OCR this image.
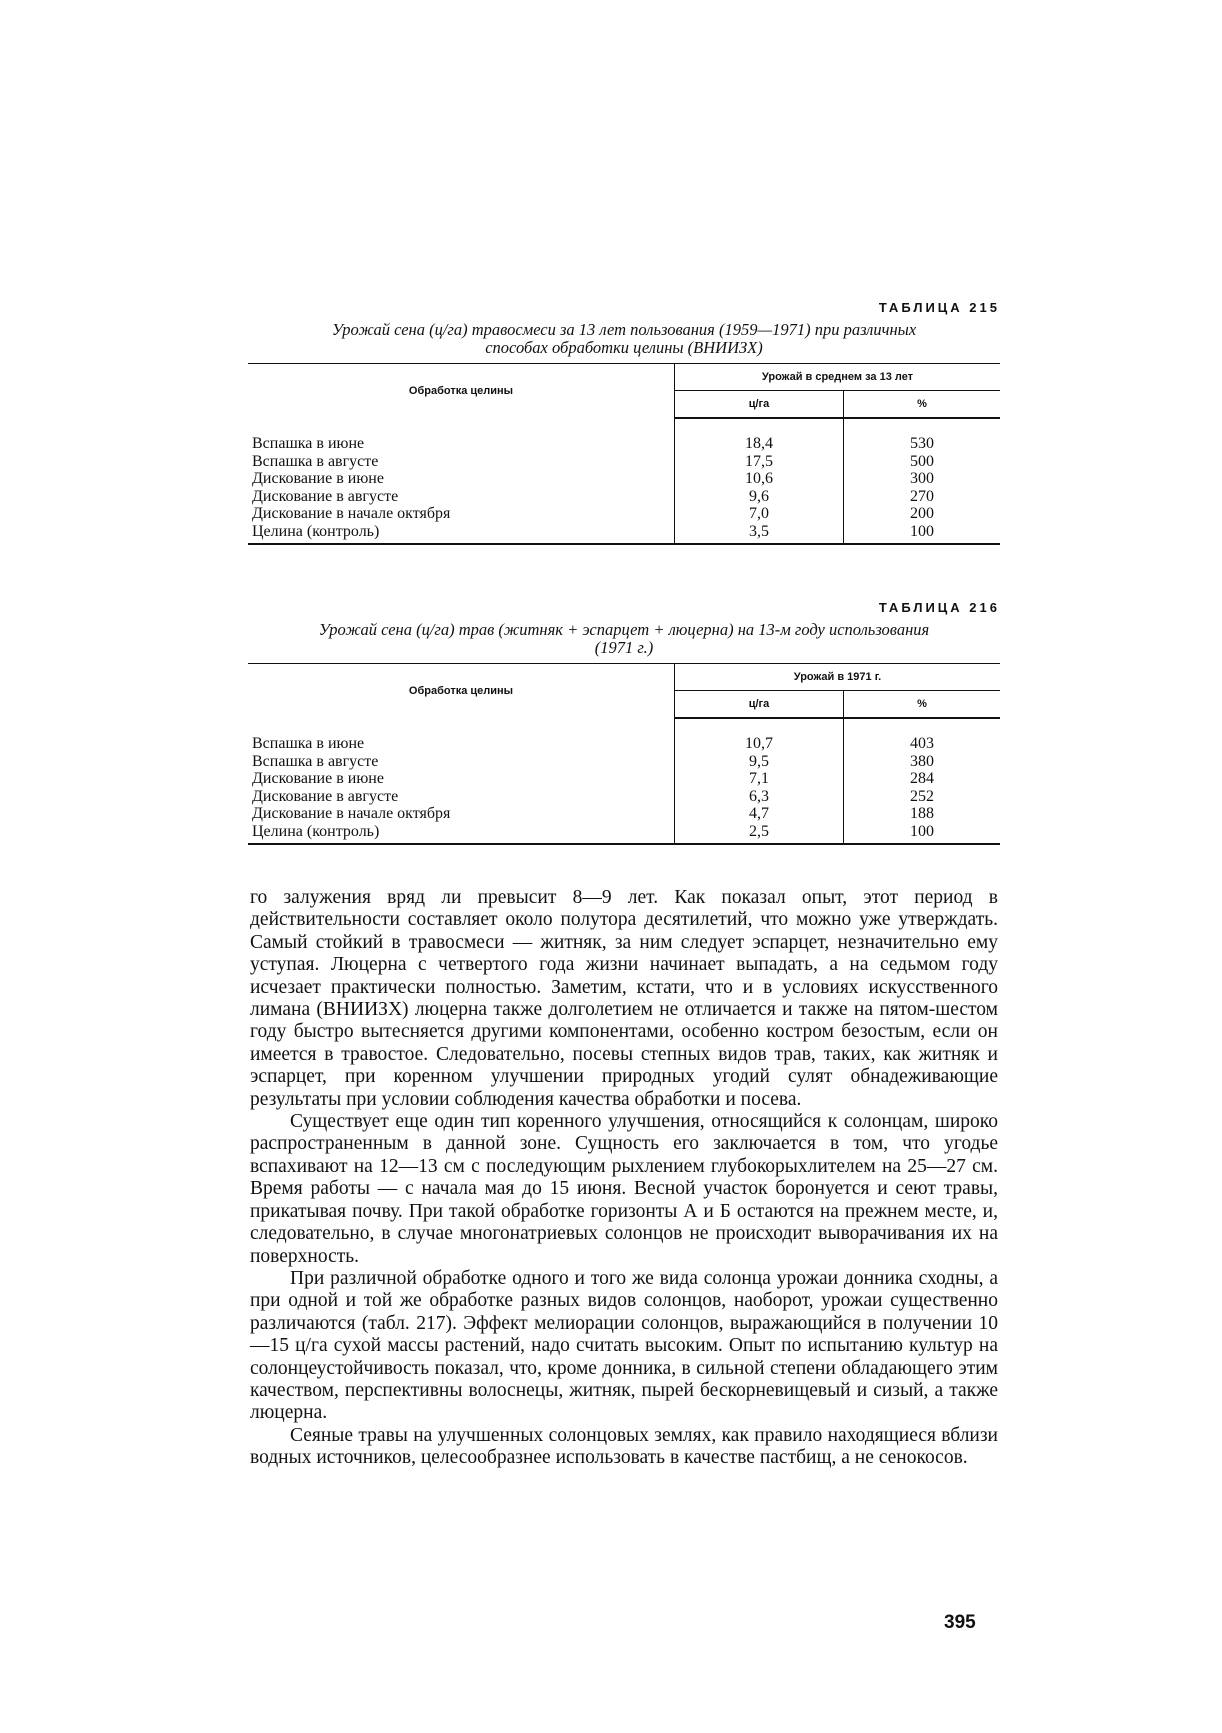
ТАБЛИЦА 215
Урожай сена (ц/га) травосмеси за 13 лет пользования (1959—1971) при различных
способах обработки целины (ВНИИЗХ)
Обработка целины	Урожай в среднем за 13 лет	
	ц/га	%
Вспашка в июне	18,4	530
Вспашка в августе	17,5	500
Дискование в июне	10,6	300
Дискование в августе	9,6	270
Дискование в начале октября	7,0	200
Целина (контроль)	3,5	100
ТАБЛИЦА 216
Урожай сена (ц/га) трав (житняк + эспарцет + люцерна) на 13-м году использования
(1971 г.)
Обработка целины	Урожай в 1971 г.	
	ц/га	%
Вспашка в июне	10,7	403
Вспашка в августе	9,5	380
Дискование в июне	7,1	284
Дискование в августе	6,3	252
Дискование в начале октября	4,7	188
Целина (контроль)	2,5	100

го залужения вряд ли превысит 8—9 лет. Как показал опыт, этот период в действительности составляет около полутора десятилетий, что можно уже утверждать. Самый стойкий в травосмеси — житняк, за ним следует эспарцет, незначительно ему уступая. Люцерна с четвертого года жизни начинает выпадать, а на седьмом году исчезает практически полностью. Заметим, кстати, что и в условиях искусственного лимана (ВНИИЗХ) люцерна также долголетием не отличается и также на пятом-шестом году быстро вытесняется другими компонентами, особенно костром безостым, если он имеется в травостое. Следовательно, посевы степных видов трав, таких, как житняк и эспарцет, при коренном улучшении природных угодий сулят обнадеживающие результаты при условии соблюдения качества обработки и посева.

Существует еще один тип коренного улучшения, относящийся к солонцам, широко распространенным в данной зоне. Сущность его заключается в том, что угодье вспахивают на 12—13 см с последующим рыхлением глубокорыхлителем на 25—27 см. Время работы — с начала мая до 15 июня. Весной участок боронуется и сеют травы, прикатывая почву. При такой обработке горизонты А и Б остаются на прежнем месте, и, следовательно, в случае многонатриевых солонцов не происходит выворачивания их на поверхность.

При различной обработке одного и того же вида солонца урожаи донника сходны, а при одной и той же обработке разных видов солонцов, наоборот, урожаи существенно различаются (табл. 217). Эффект мелиорации солонцов, выражающийся в получении 10—15 ц/га сухой массы растений, надо считать высоким. Опыт по испытанию культур на солонцеустойчивость показал, что, кроме донника, в сильной степени обладающего этим качеством, перспективны волоснецы, житняк, пырей бескорневищевый и сизый, а также люцерна.

Сеяные травы на улучшенных солонцовых землях, как правило находящиеся вблизи водных источников, целесообразнее использовать в качестве пастбищ, а не сенокосов.

395
